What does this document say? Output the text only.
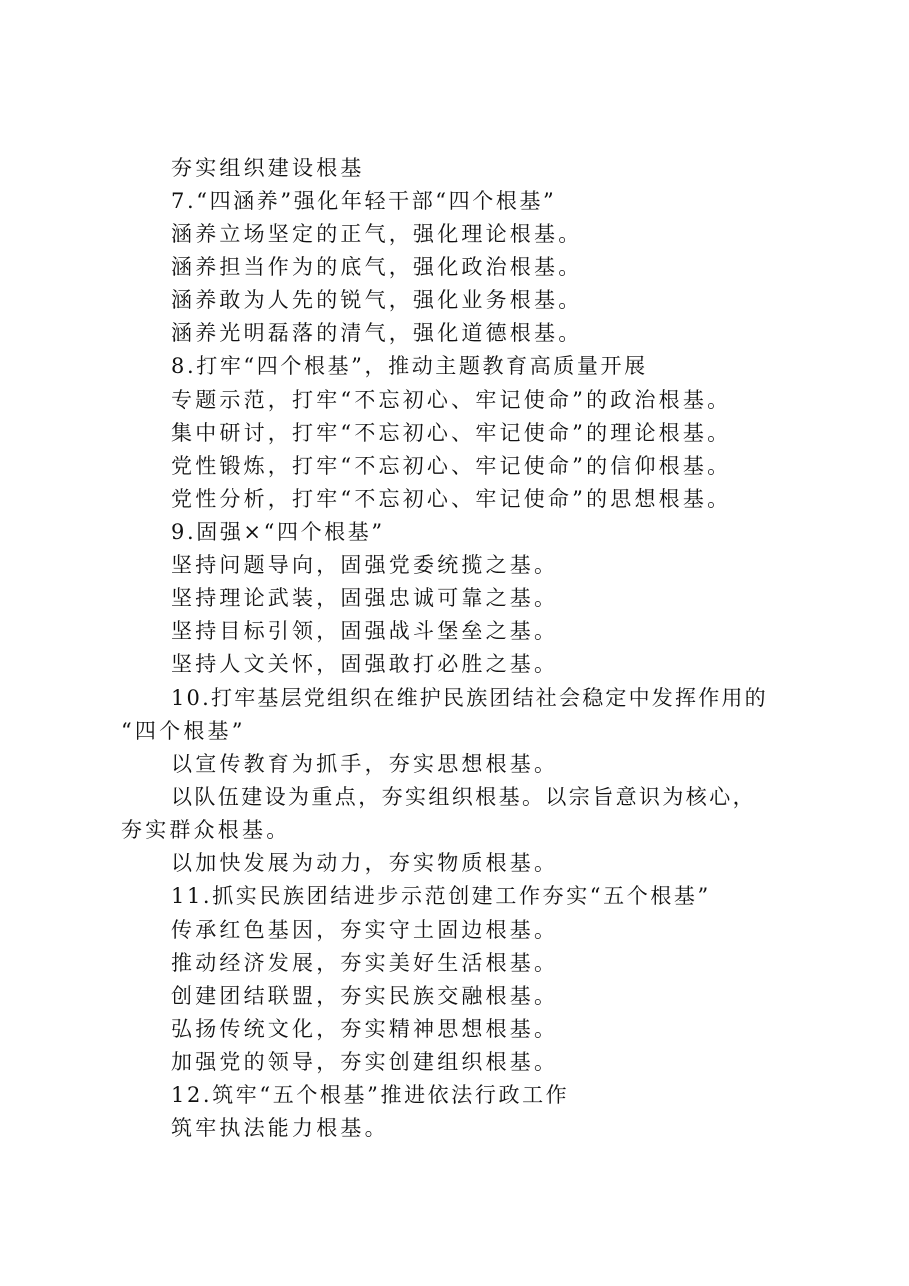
夯实组织建设根基
7.“四涵养”强化年轻干部“四个根基”
涵养立场坚定的正气，强化理论根基。
涵养担当作为的底气，强化政治根基。
涵养敢为人先的锐气，强化业务根基。
涵养光明磊落的清气，强化道德根基。
8.打牢“四个根基”，推动主题教育高质量开展
专题示范，打牢“不忘初心、牢记使命”的政治根基。
集中研讨，打牢“不忘初心、牢记使命”的理论根基。
党性锻炼，打牢“不忘初心、牢记使命”的信仰根基。
党性分析，打牢“不忘初心、牢记使命”的思想根基。
9.固强×“四个根基”
坚持问题导向，固强党委统揽之基。
坚持理论武装，固强忠诚可靠之基。
坚持目标引领，固强战斗堡垒之基。
坚持人文关怀，固强敢打必胜之基。
10.打牢基层党组织在维护民族团结社会稳定中发挥作用的
“四个根基”
以宣传教育为抓手，夯实思想根基。
以队伍建设为重点，夯实组织根基。以宗旨意识为核心，
夯实群众根基。
以加快发展为动力，夯实物质根基。
11.抓实民族团结进步示范创建工作夯实“五个根基”
传承红色基因，夯实守土固边根基。
推动经济发展，夯实美好生活根基。
创建团结联盟，夯实民族交融根基。
弘扬传统文化，夯实精神思想根基。
加强党的领导，夯实创建组织根基。
12.筑牢“五个根基”推进依法行政工作
筑牢执法能力根基。
